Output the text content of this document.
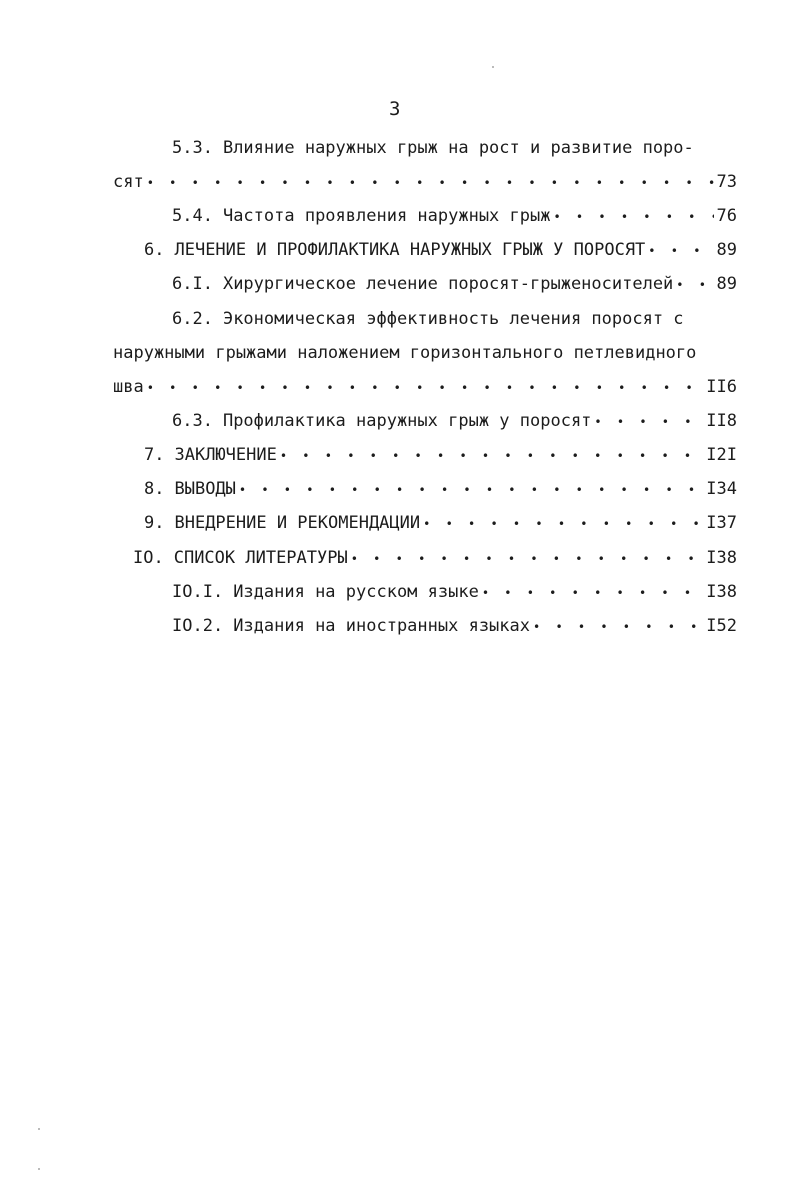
3
5.3. Влияние наружных грыж на рост и развитие поро-
сят • • •	73
5.4. Частота проявления наружных грыж • • •	76
6. ЛЕЧЕНИЕ И ПРОФИЛАКТИКА НАРУЖНЫХ ГРЫЖ У ПОРОСЯТ • • •	89
6.I. Хирургическое лечение поросят-грыженосителей • • •	89
6.2. Экономическая эффективность лечения поросят с
наружными грыжами наложением горизонтального петлевидного
шва • • •	II6
6.3. Профилактика наружных грыж у поросят • • •	II8
7. ЗАКЛЮЧЕНИЕ • • •	I2I
8. ВЫВОДЫ • • •	I34
9. ВНЕДРЕНИЕ И РЕКОМЕНДАЦИИ • • •	I37
IO. СПИСОК ЛИТЕРАТУРЫ • • •	I38
IO.I. Издания на русском языке • • •	I38
IO.2. Издания на иностранных языках • • •	I52
